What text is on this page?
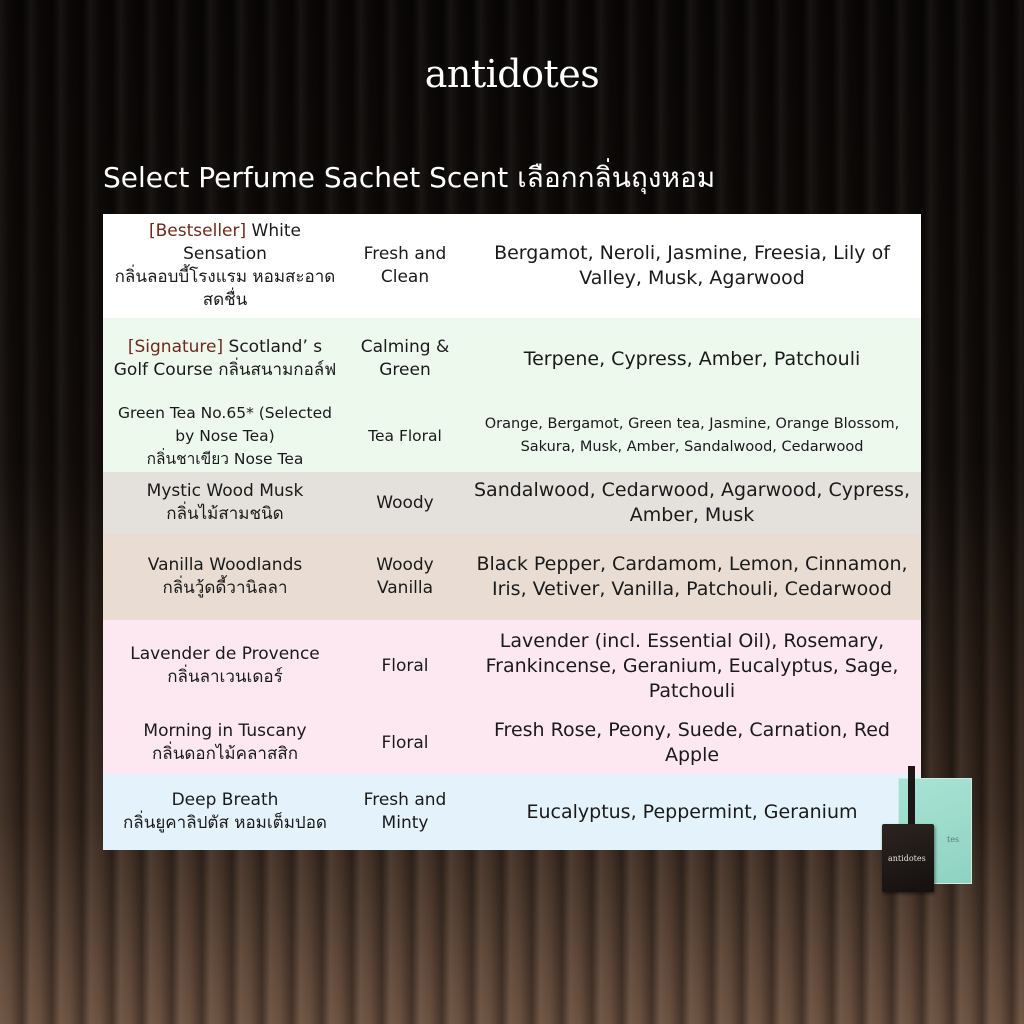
antidotes
Select Perfume Sachet Scent เลือกกลิ่นถุงหอม
[Bestseller] White Sensation
กลิ่นลอบบี้โรงแรม หอมสะอาดสดชื่น
Fresh and Clean
Bergamot, Neroli, Jasmine, Freesia, Lily of Valley, Musk, Agarwood
[Signature] Scotland’ s Golf Course กลิ่นสนามกอล์ฟ
Calming & Green
Terpene, Cypress, Amber, Patchouli
Green Tea No.65* (Selected by Nose Tea)
กลิ่นชาเขียว Nose Tea
Tea Floral
Orange, Bergamot, Green tea, Jasmine, Orange Blossom, Sakura, Musk, Amber, Sandalwood, Cedarwood
Mystic Wood Musk
กลิ่นไม้สามชนิด
Woody
Sandalwood, Cedarwood, Agarwood, Cypress, Amber, Musk
Vanilla Woodlands
กลิ่นวู้ดดี้วานิลลา
Woody Vanilla
Black Pepper, Cardamom, Lemon, Cinnamon, Iris, Vetiver, Vanilla, Patchouli, Cedarwood
Lavender de Provence
กลิ่นลาเวนเดอร์
Floral
Lavender (incl. Essential Oil), Rosemary, Frankincense, Geranium, Eucalyptus, Sage, Patchouli
Morning in Tuscany
กลิ่นดอกไม้คลาสสิก
Floral
Fresh Rose, Peony, Suede, Carnation, Red Apple
Deep Breath
กลิ่นยูคาลิปตัส หอมเต็มปอด
Fresh and Minty
Eucalyptus, Peppermint, Geranium
tes
antidotes
